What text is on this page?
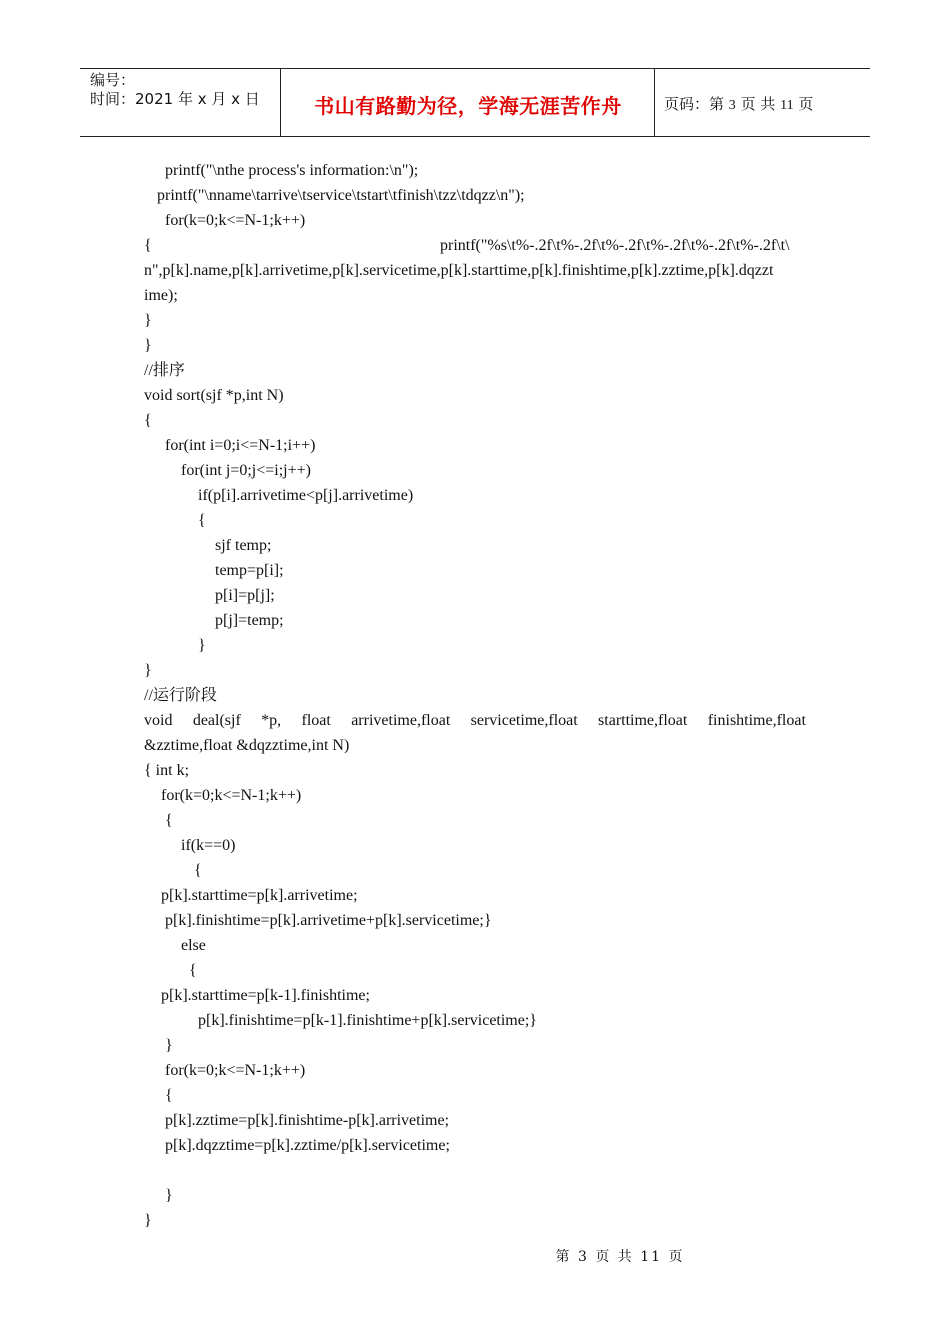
编号：
时间：2021 年 x 月 x 日	书山有路勤为径，学海无涯苦作舟	页码：第 3 页 共 11 页
printf("\nthe process's information:\n");
printf("\nname\tarrive\tservice\tstart\tfinish\tzz\tdqzz\n");
for(k=0;k<=N-1;k++)
{	printf("%s\t%-.2f\t%-.2f\t%-.2f\t%-.2f\t%-.2f\t%-.2f\t\
n",p[k].name,p[k].arrivetime,p[k].servicetime,p[k].starttime,p[k].finishtime,p[k].zztime,p[k].dqzzt
ime);
}
}
//排序
void sort(sjf *p,int N)
{
for(int i=0;i<=N-1;i++)
for(int j=0;j<=i;j++)
if(p[i].arrivetime<p[j].arrivetime)
{
sjf temp;
temp=p[i];
p[i]=p[j];
p[j]=temp;
}
}
//运行阶段
void deal(sjf *p, float arrivetime,float servicetime,float starttime,float finishtime,float
&zztime,float &dqzztime,int N)
{ int k;
for(k=0;k<=N-1;k++)
{
if(k==0)
{
p[k].starttime=p[k].arrivetime;
p[k].finishtime=p[k].arrivetime+p[k].servicetime;}
else
{
p[k].starttime=p[k-1].finishtime;
p[k].finishtime=p[k-1].finishtime+p[k].servicetime;}
}
for(k=0;k<=N-1;k++)
{
p[k].zztime=p[k].finishtime-p[k].arrivetime;
p[k].dqzztime=p[k].zztime/p[k].servicetime;
}
}
第 3 页 共 11 页
